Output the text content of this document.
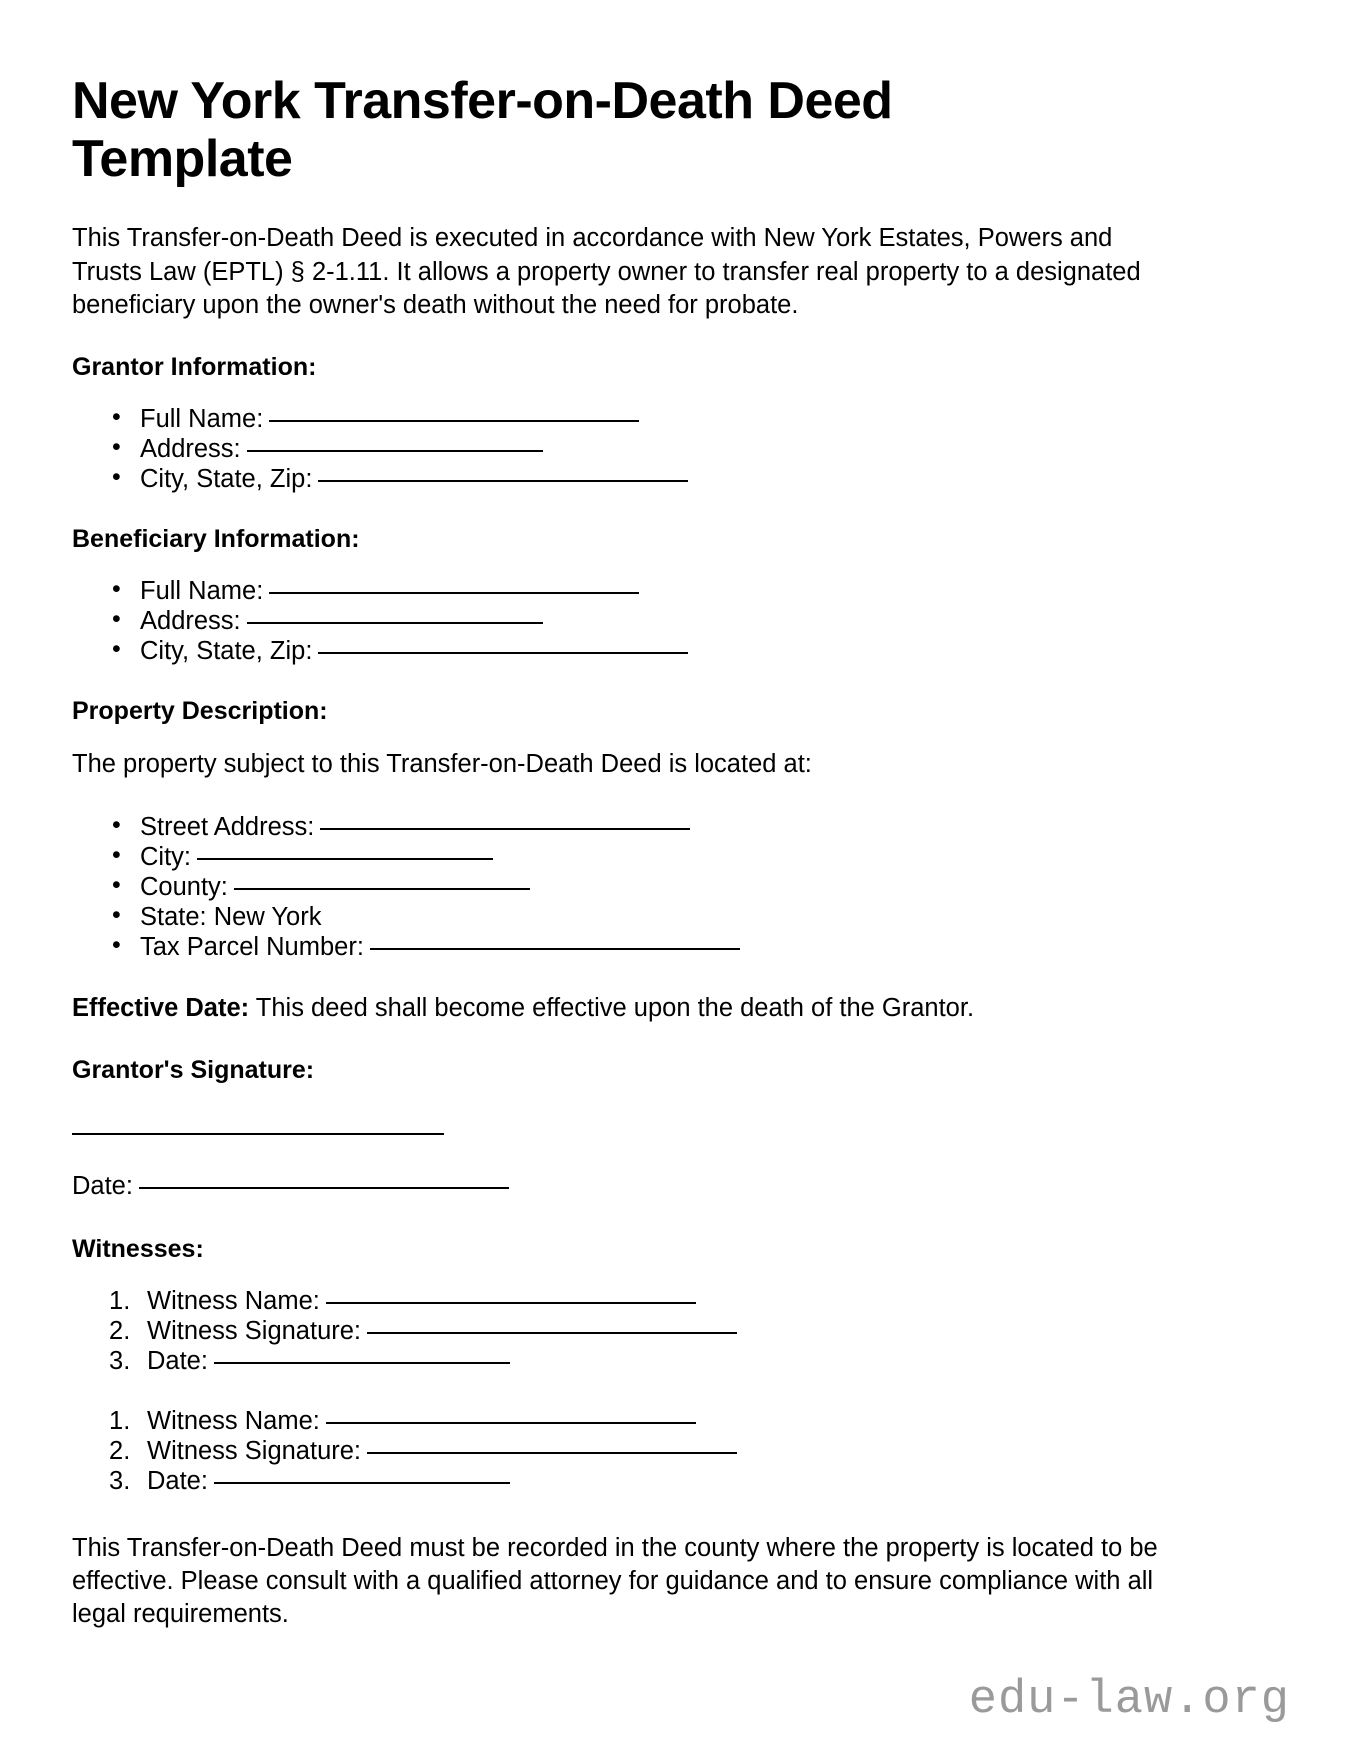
New York Transfer-on-Death Deed Template

This Transfer-on-Death Deed is executed in accordance with New York Estates, Powers and Trusts Law (EPTL) § 2-1.11. It allows a property owner to transfer real property to a designated beneficiary upon the owner's death without the need for probate.

Grantor Information:
• Full Name:
• Address:
• City, State, Zip:
Beneficiary Information:
• Full Name:
• Address:
• City, State, Zip:
Property Description:

The property subject to this Transfer-on-Death Deed is located at:

• Street Address:
• City:
• County:
• State: New York
• Tax Parcel Number:

Effective Date: This deed shall become effective upon the death of the Grantor.

Grantor's Signature:
Date:
Witnesses:
Witness Name:
Witness Signature:
Date:
Witness Name:
Witness Signature:
Date:

This Transfer-on-Death Deed must be recorded in the county where the property is located to be effective. Please consult with a qualified attorney for guidance and to ensure compliance with all legal requirements.

edu-law.org
